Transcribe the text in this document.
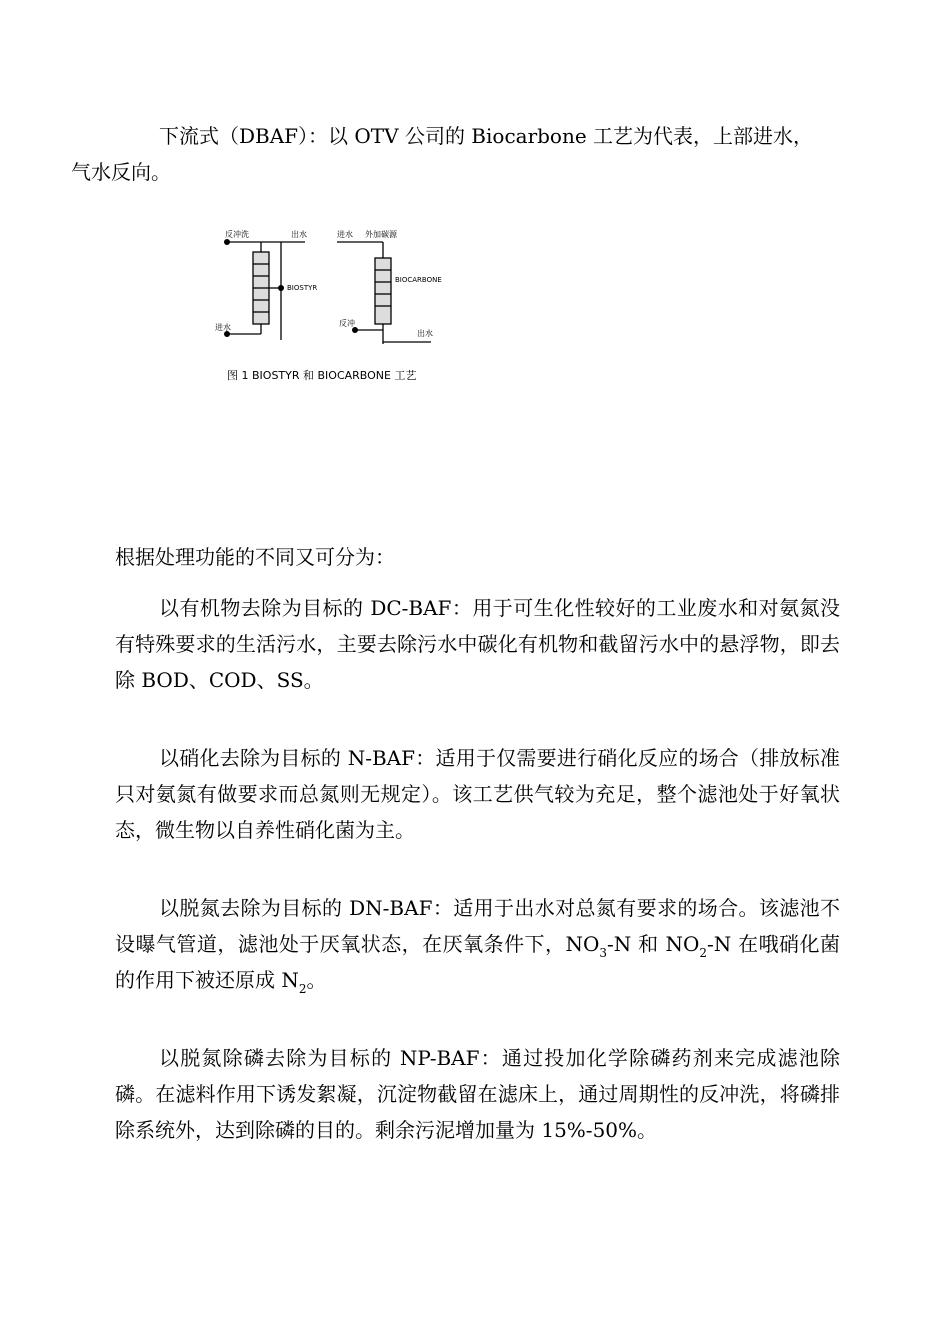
下流式（DBAF）：以 OTV 公司的 Biocarbone 工艺为代表，上部进水，
气水反向。
反冲洗	出水
BIOSTYR
进水
进水 外加碳源
BIOCARBONE
反冲
出水
图 1 BIOSTYR 和 BIOCARBONE 工艺
根据处理功能的不同又可分为：
以有机物去除为目标的 DC-BAF：用于可生化性较好的工业废水和对氨氮没有特殊要求的生活污水，主要去除污水中碳化有机物和截留污水中的悬浮物，即去除 BOD、COD、SS。
以硝化去除为目标的 N-BAF：适用于仅需要进行硝化反应的场合（排放标准只对氨氮有做要求而总氮则无规定）。该工艺供气较为充足，整个滤池处于好氧状态，微生物以自养性硝化菌为主。
以脱氮去除为目标的 DN-BAF：适用于出水对总氮有要求的场合。该滤池不设曝气管道，滤池处于厌氧状态，在厌氧条件下，$NO_3-N$ 和 $NO_2-N$ 在哦硝化菌的作用下被还原成 $N_2$。
以脱氮除磷去除为目标的 NP-BAF：通过投加化学除磷药剂来完成滤池除磷。在滤料作用下诱发絮凝，沉淀物截留在滤床上，通过周期性的反冲洗，将磷排除系统外，达到除磷的目的。剩余污泥增加量为 15%-50%。
